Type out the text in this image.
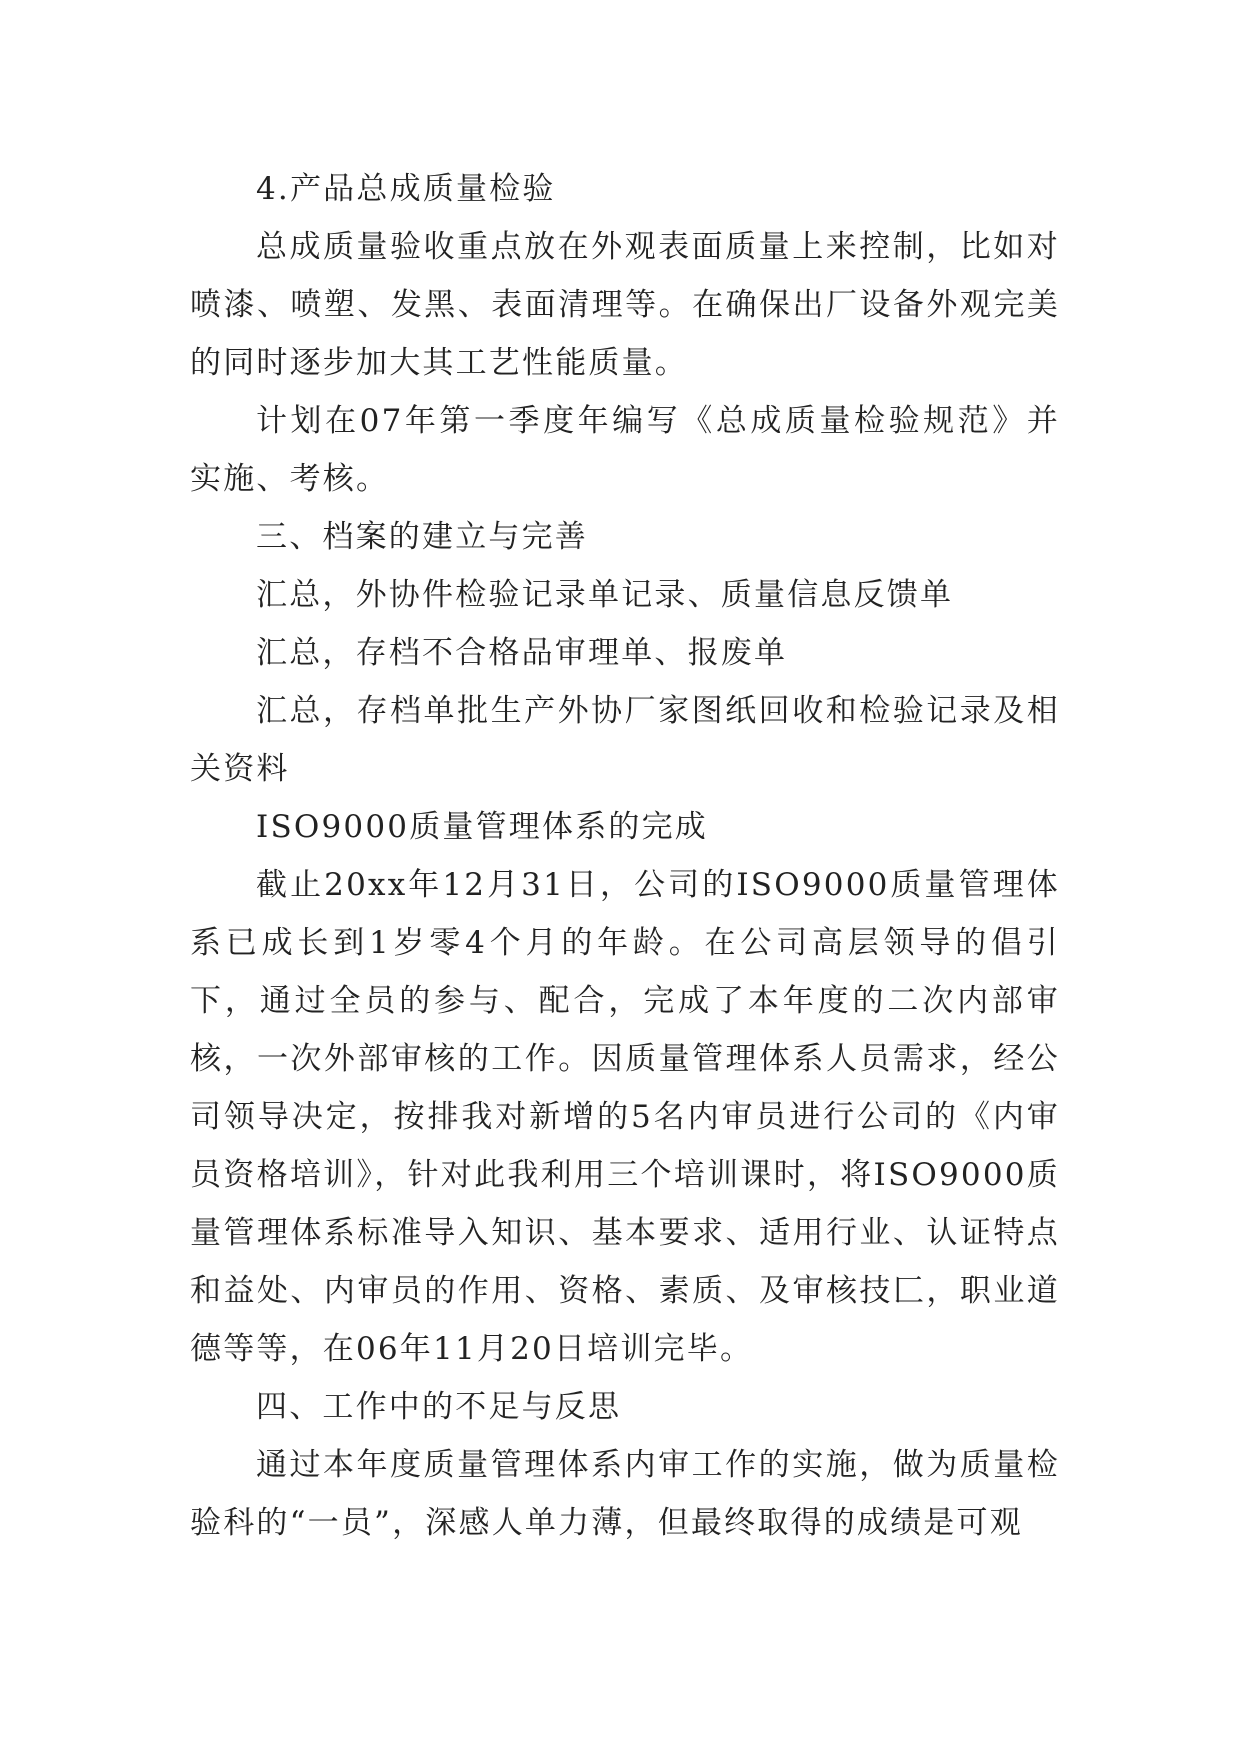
4.产品总成质量检验

总成质量验收重点放在外观表面质量上来控制，比如对喷漆、喷塑、发黑、表面清理等。在确保出厂设备外观完美的同时逐步加大其工艺性能质量。

计划在07年第一季度年编写《总成质量检验规范》并实施、考核。

三、档案的建立与完善

汇总，外协件检验记录单记录、质量信息反馈单

汇总，存档不合格品审理单、报废单

汇总，存档单批生产外协厂家图纸回收和检验记录及相关资料

ISO9000质量管理体系的完成

截止20xx年12月31日，公司的ISO9000质量管理体系已成长到1岁零4个月的年龄。在公司高层领导的倡引下，通过全员的参与、配合，完成了本年度的二次内部审核，一次外部审核的工作。因质量管理体系人员需求，经公司领导决定，按排我对新增的5名内审员进行公司的《内审员资格培训》，针对此我利用三个培训课时，将ISO9000质量管理体系标准导入知识、基本要求、适用行业、认证特点和益处、内审员的作用、资格、素质、及审核技匚，职业道德等等，在06年11月20日培训完毕。

四、工作中的不足与反思

通过本年度质量管理体系内审工作的实施，做为质量检验科的“一员”，深感人单力薄，但最终取得的成绩是可观
